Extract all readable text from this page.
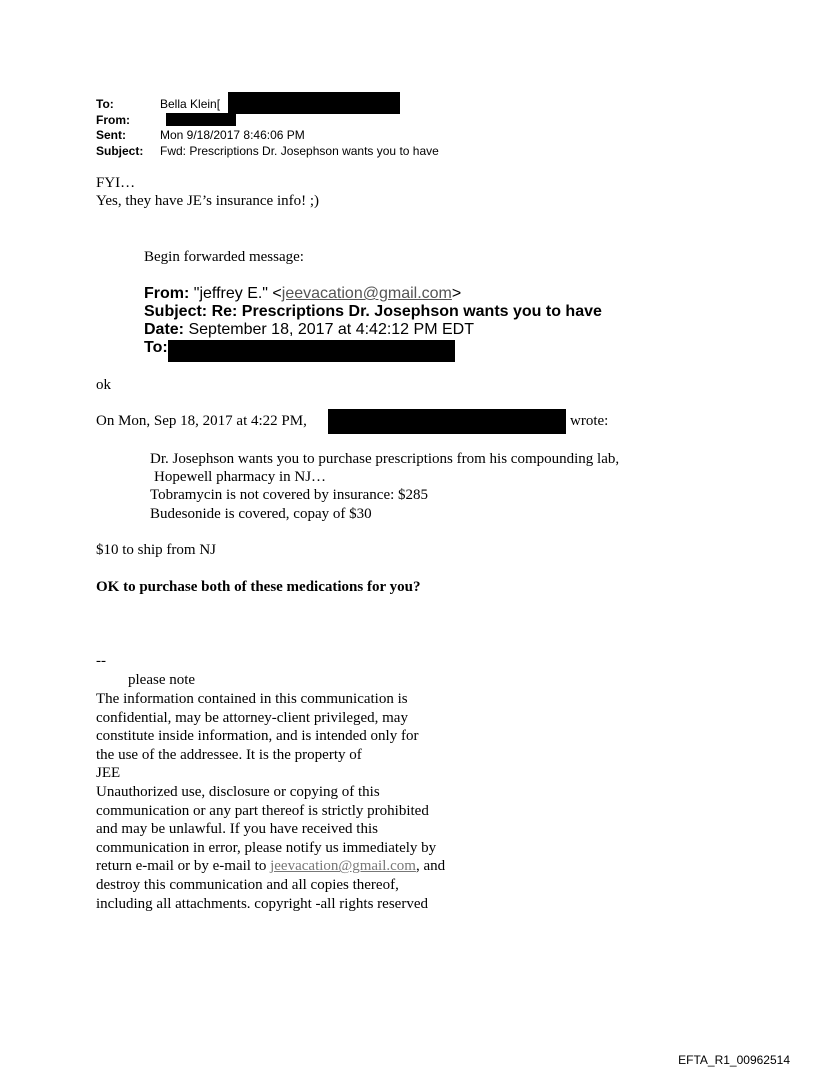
To:	Bella Klein[
From:
Sent:	Mon 9/18/2017 8:46:06 PM
Subject: Fwd: Prescriptions Dr. Josephson wants you to have
FYI…
Yes, they have JE’s insurance info! ;)
Begin forwarded message:
From: "jeffrey E." <jeevacation@gmail.com>
Subject: Re: Prescriptions Dr. Josephson wants you to have
Date: September 18, 2017 at 4:42:12 PM EDT
To:
ok
On Mon, Sep 18, 2017 at 4:22 PM,	wrote:
Dr. Josephson wants you to purchase prescriptions from his compounding lab,
Hopewell pharmacy in NJ…
Tobramycin is not covered by insurance: $285
Budesonide is covered, copay of $30
$10 to ship from NJ
OK to purchase both of these medications for you?
--
please note
The information contained in this communication is
confidential, may be attorney-client privileged, may
constitute inside information, and is intended only for
the use of the addressee. It is the property of
JEE
Unauthorized use, disclosure or copying of this
communication or any part thereof is strictly prohibited
and may be unlawful. If you have received this
communication in error, please notify us immediately by
return e-mail or by e-mail to jeevacation@gmail.com, and
destroy this communication and all copies thereof,
including all attachments. copyright -all rights reserved
EFTA_R1_00962514
